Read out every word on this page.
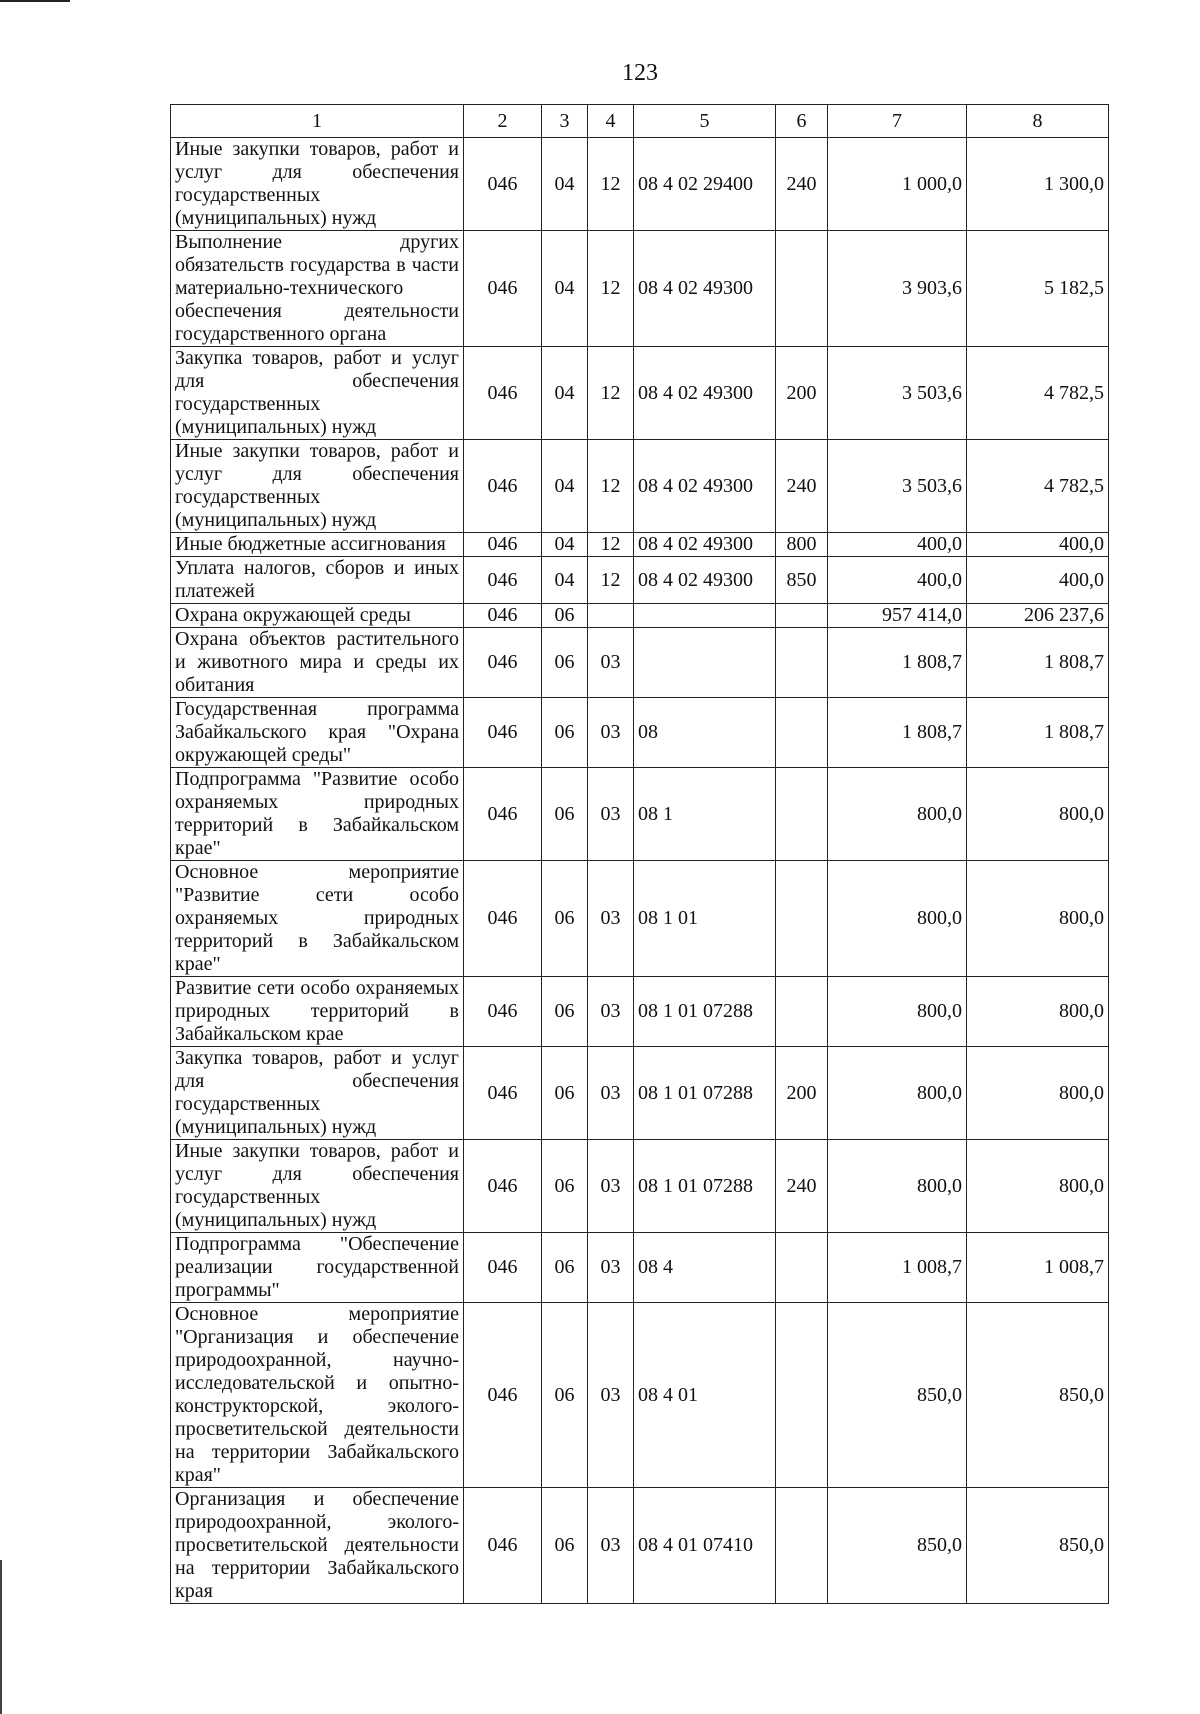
123
1	2	3	4	5	6	7	8
Иные закупки товаров, работ и услуг для обеспечения государственных (муниципальных) нужд	046	04	12	08 4 02 29400	240	1 000,0	1 300,0
Выполнение других обязательств государства в части материально-технического обеспечения деятельности государственного органа	046	04	12	08 4 02 49300		3 903,6	5 182,5
Закупка товаров, работ и услуг для обеспечения государственных (муниципальных) нужд	046	04	12	08 4 02 49300	200	3 503,6	4 782,5
Иные закупки товаров, работ и услуг для обеспечения государственных (муниципальных) нужд	046	04	12	08 4 02 49300	240	3 503,6	4 782,5
Иные бюджетные ассигнования	046	04	12	08 4 02 49300	800	400,0	400,0
Уплата налогов, сборов и иных платежей	046	04	12	08 4 02 49300	850	400,0	400,0
Охрана окружающей среды	046	06				957 414,0	206 237,6
Охрана объектов растительного и животного мира и среды их обитания	046	06	03			1 808,7	1 808,7
Государственная программа Забайкальского края "Охрана окружающей среды"	046	06	03	08		1 808,7	1 808,7
Подпрограмма "Развитие особо охраняемых природных территорий в Забайкальском крае"	046	06	03	08 1		800,0	800,0
Основное мероприятие "Развитие сети особо охраняемых природных территорий в Забайкальском крае"	046	06	03	08 1 01		800,0	800,0
Развитие сети особо охраняемых природных территорий в Забайкальском крае	046	06	03	08 1 01 07288		800,0	800,0
Закупка товаров, работ и услуг для обеспечения государственных (муниципальных) нужд	046	06	03	08 1 01 07288	200	800,0	800,0
Иные закупки товаров, работ и услуг для обеспечения государственных (муниципальных) нужд	046	06	03	08 1 01 07288	240	800,0	800,0
Подпрограмма "Обеспечение реализации государственной программы"	046	06	03	08 4		1 008,7	1 008,7
Основное мероприятие "Организация и обеспечение природоохранной, научно-исследовательской и опытно-конструкторской, эколого-просветительской деятельности на территории Забайкальского края"	046	06	03	08 4 01		850,0	850,0
Организация и обеспечение природоохранной, эколого-просветительской деятельности на территории Забайкальского края	046	06	03	08 4 01 07410		850,0	850,0
